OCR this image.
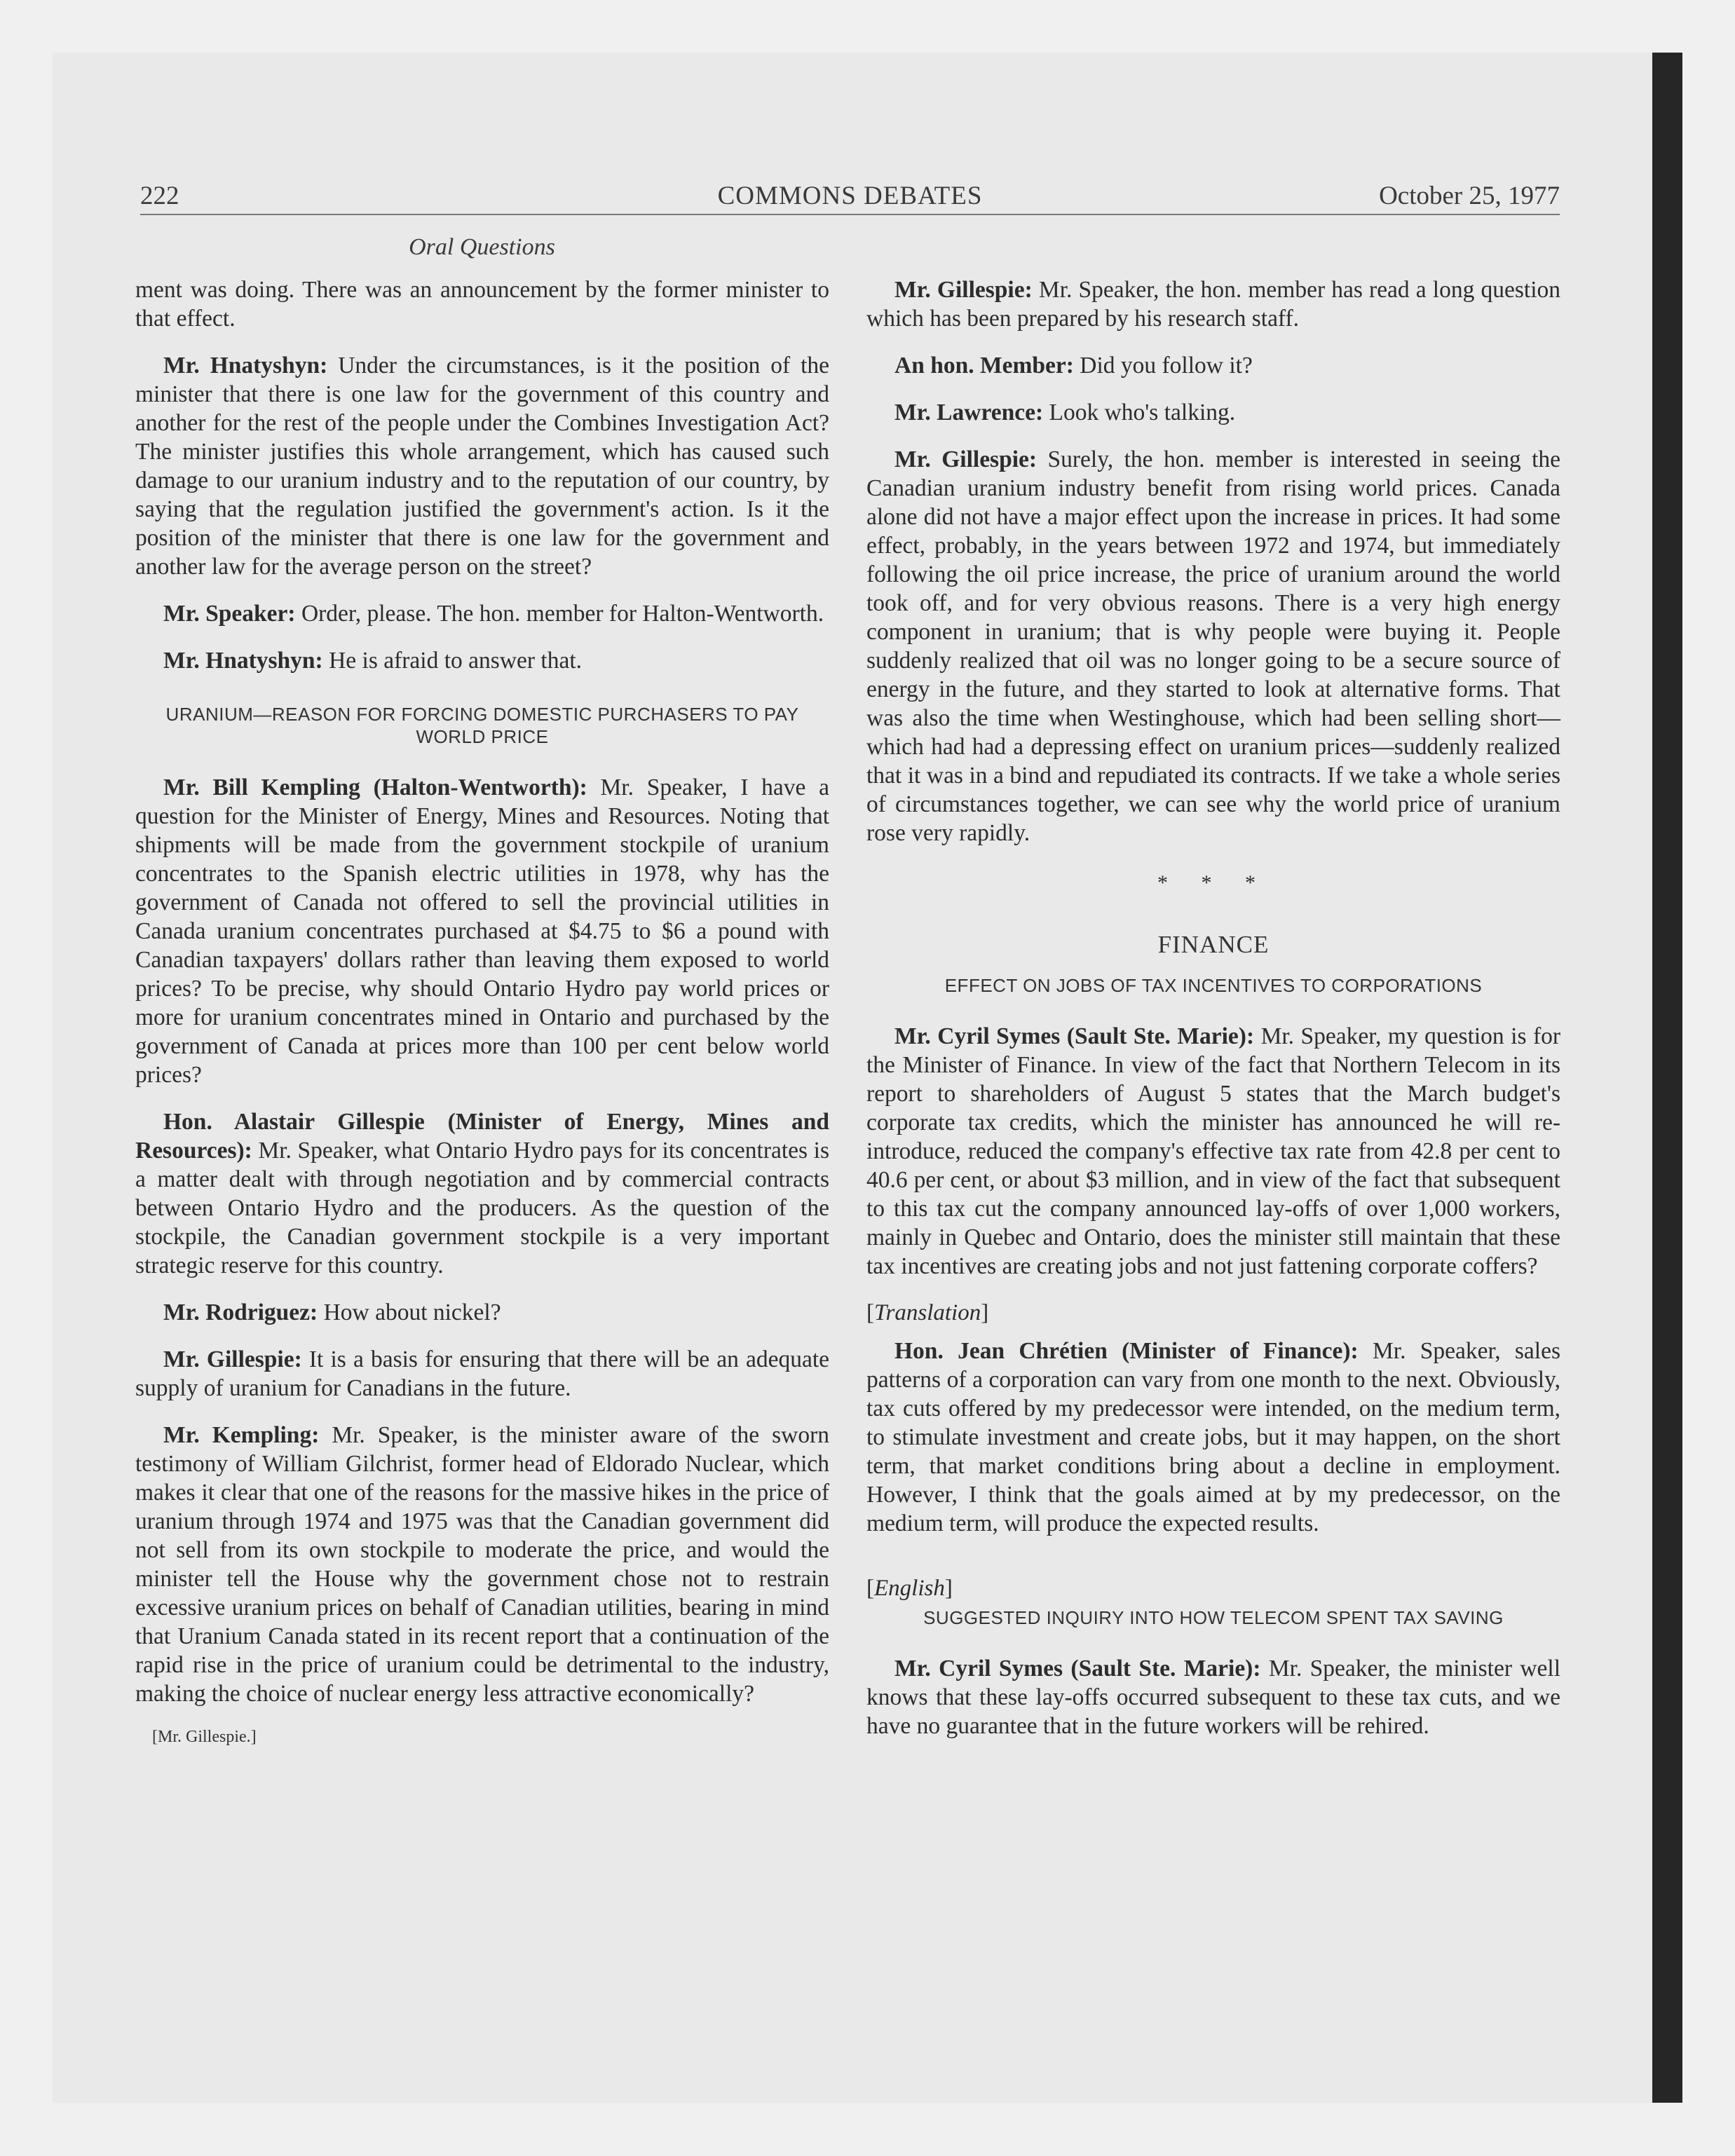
222	COMMONS DEBATES	October 25, 1977
Oral Questions

ment was doing. There was an announcement by the former minister to that effect.

Mr. Hnatyshyn: Under the circumstances, is it the position of the minister that there is one law for the government of this country and another for the rest of the people under the Combines Investigation Act? The minister justifies this whole arrangement, which has caused such damage to our uranium industry and to the reputation of our country, by saying that the regulation justified the government's action. Is it the position of the minister that there is one law for the government and another law for the average person on the street?

Mr. Speaker: Order, please. The hon. member for Halton-Wentworth.

Mr. Hnatyshyn: He is afraid to answer that.

URANIUM—REASON FOR FORCING DOMESTIC PURCHASERS TO PAY WORLD PRICE

Mr. Bill Kempling (Halton-Wentworth): Mr. Speaker, I have a question for the Minister of Energy, Mines and Resources. Noting that shipments will be made from the government stockpile of uranium concentrates to the Spanish electric utilities in 1978, why has the government of Canada not offered to sell the provincial utilities in Canada uranium concentrates purchased at $4.75 to $6 a pound with Canadian taxpayers' dollars rather than leaving them exposed to world prices? To be precise, why should Ontario Hydro pay world prices or more for uranium concentrates mined in Ontario and purchased by the government of Canada at prices more than 100 per cent below world prices?

Hon. Alastair Gillespie (Minister of Energy, Mines and Resources): Mr. Speaker, what Ontario Hydro pays for its concentrates is a matter dealt with through negotiation and by commercial contracts between Ontario Hydro and the producers. As the question of the stockpile, the Canadian government stockpile is a very important strategic reserve for this country.

Mr. Rodriguez: How about nickel?

Mr. Gillespie: It is a basis for ensuring that there will be an adequate supply of uranium for Canadians in the future.

Mr. Kempling: Mr. Speaker, is the minister aware of the sworn testimony of William Gilchrist, former head of Eldorado Nuclear, which makes it clear that one of the reasons for the massive hikes in the price of uranium through 1974 and 1975 was that the Canadian government did not sell from its own stockpile to moderate the price, and would the minister tell the House why the government chose not to restrain excessive uranium prices on behalf of Canadian utilities, bearing in mind that Uranium Canada stated in its recent report that a continuation of the rapid rise in the price of uranium could be detrimental to the industry, making the choice of nuclear energy less attractive economically?

[Mr. Gillespie.]

Mr. Gillespie: Mr. Speaker, the hon. member has read a long question which has been prepared by his research staff.

An hon. Member: Did you follow it?

Mr. Lawrence: Look who's talking.

Mr. Gillespie: Surely, the hon. member is interested in seeing the Canadian uranium industry benefit from rising world prices. Canada alone did not have a major effect upon the increase in prices. It had some effect, probably, in the years between 1972 and 1974, but immediately following the oil price increase, the price of uranium around the world took off, and for very obvious reasons. There is a very high energy component in uranium; that is why people were buying it. People suddenly realized that oil was no longer going to be a secure source of energy in the future, and they started to look at alternative forms. That was also the time when Westinghouse, which had been selling short—which had had a depressing effect on uranium prices—suddenly realized that it was in a bind and repudiated its contracts. If we take a whole series of circumstances together, we can see why the world price of uranium rose very rapidly.

* * *
FINANCE
EFFECT ON JOBS OF TAX INCENTIVES TO CORPORATIONS

Mr. Cyril Symes (Sault Ste. Marie): Mr. Speaker, my question is for the Minister of Finance. In view of the fact that Northern Telecom in its report to shareholders of August 5 states that the March budget's corporate tax credits, which the minister has announced he will re-introduce, reduced the company's effective tax rate from 42.8 per cent to 40.6 per cent, or about $3 million, and in view of the fact that subsequent to this tax cut the company announced lay-offs of over 1,000 workers, mainly in Quebec and Ontario, does the minister still maintain that these tax incentives are creating jobs and not just fattening corporate coffers?

[Translation]

Hon. Jean Chrétien (Minister of Finance): Mr. Speaker, sales patterns of a corporation can vary from one month to the next. Obviously, tax cuts offered by my predecessor were intended, on the medium term, to stimulate investment and create jobs, but it may happen, on the short term, that market conditions bring about a decline in employment. However, I think that the goals aimed at by my predecessor, on the medium term, will produce the expected results.

[English]
SUGGESTED INQUIRY INTO HOW TELECOM SPENT TAX SAVING

Mr. Cyril Symes (Sault Ste. Marie): Mr. Speaker, the minister well knows that these lay-offs occurred subsequent to these tax cuts, and we have no guarantee that in the future workers will be rehired.
